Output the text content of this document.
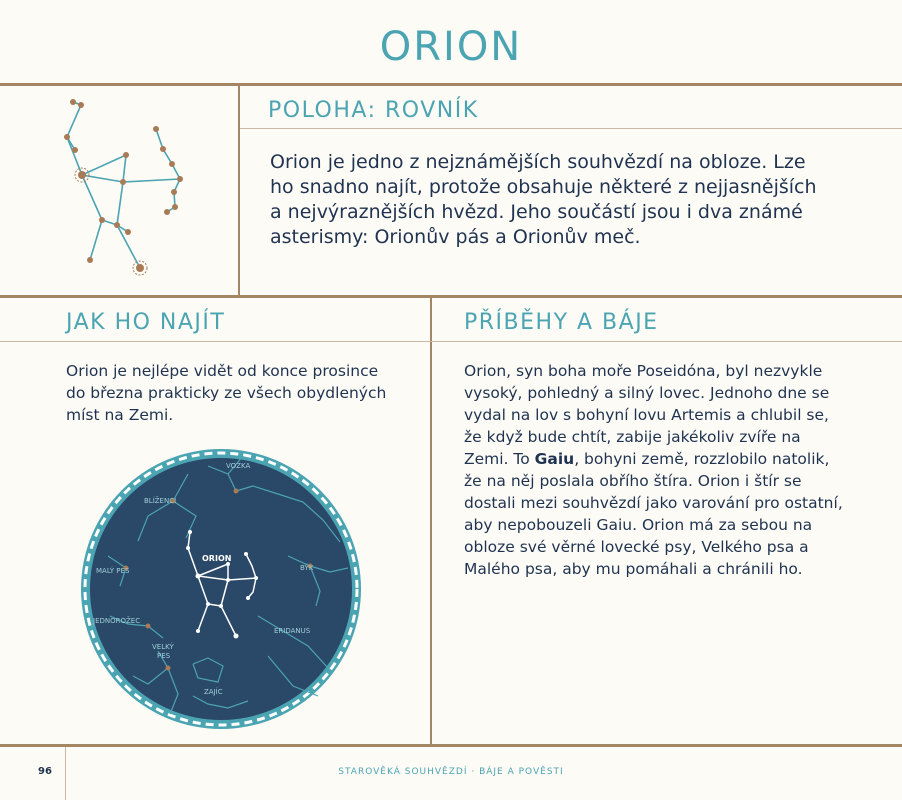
ORION
POLOHA: ROVNÍK
Orion je jedno z nejznámějších souhvězdí na obloze. Lze ho snadno najít, protože obsahuje některé z nejjasnějších a nejvýraznějších hvězd. Jeho součástí jsou i dva známé asterismy: Orionův pás a Orionův meč.
JAK HO NAJÍT
Orion je nejlépe vidět od konce prosince do března prakticky ze všech obydlených míst na Zemi.
PŘÍBĚHY A BÁJE
Orion, syn boha moře Poseidóna, byl nezvykle vysoký, pohledný a silný lovec. Jednoho dne se vydal na lov s bohyní lovu Artemis a chlubil se, že když bude chtít, zabije jakékoliv zvíře na Zemi. To Gaiu, bohyni země, rozzlobilo natolik, že na něj poslala obřího štíra. Orion i štír se dostali mezi souhvězdí jako varování pro ostatní, aby nepobouzeli Gaiu. Orion má za sebou na obloze své věrné lovecké psy, Velkého psa a Malého psa, aby mu pomáhali a chránili ho.
VOZKA
BLÍŽENCI
MALÝ PES	BÝK
JEDNOROŽEC
ERIDANUS
VELKÝ
PES
ZAJÍC
ORION
96	STAROVĚKÁ SOUHVĚZDÍ · BÁJE A POVĚSTI
